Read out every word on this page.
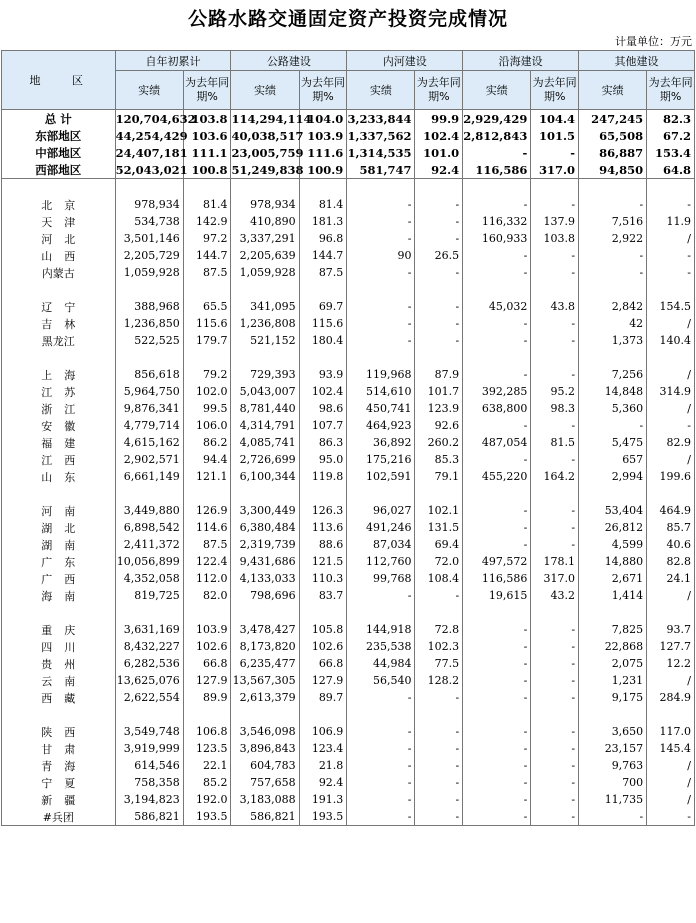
公路水路交通固定资产投资完成情况
计量单位：万元
地 区	自年初累计		公路建设		内河建设		沿海建设		其他建设	
	实绩	为去年同期%	实绩	为去年同期%	实绩	为去年同期%	实绩	为去年同期%	实绩	为去年同期%
总 计	120,704,632	103.8	114,294,114	104.0	3,233,844	99.9	2,929,429	104.4	247,245	82.3
东部地区	44,254,429	103.6	40,038,517	103.9	1,337,562	102.4	2,812,843	101.5	65,508	67.2
中部地区	24,407,181	111.1	23,005,759	111.6	1,314,535	101.0	-	-	86,887	153.4
西部地区	52,043,021	100.8	51,249,838	100.9	581,747	92.4	116,586	317.0	94,850	64.8

北京	978,934	81.4	978,934	81.4	-	-	-	-	-	-
天津	534,738	142.9	410,890	181.3	-	-	116,332	137.9	7,516	11.9
河北	3,501,146	97.2	3,337,291	96.8	-	-	160,933	103.8	2,922	/
山西	2,205,729	144.7	2,205,639	144.7	90	26.5	-	-	-	-
内蒙古	1,059,928	87.5	1,059,928	87.5	-	-	-	-	-	-

辽宁	388,968	65.5	341,095	69.7	-	-	45,032	43.8	2,842	154.5
吉林	1,236,850	115.6	1,236,808	115.6	-	-	-	-	42	/
黑龙江	522,525	179.7	521,152	180.4	-	-	-	-	1,373	140.4

上海	856,618	79.2	729,393	93.9	119,968	87.9	-	-	7,256	/
江苏	5,964,750	102.0	5,043,007	102.4	514,610	101.7	392,285	95.2	14,848	314.9
浙江	9,876,341	99.5	8,781,440	98.6	450,741	123.9	638,800	98.3	5,360	/
安徽	4,779,714	106.0	4,314,791	107.7	464,923	92.6	-	-	-	-
福建	4,615,162	86.2	4,085,741	86.3	36,892	260.2	487,054	81.5	5,475	82.9
江西	2,902,571	94.4	2,726,699	95.0	175,216	85.3	-	-	657	/
山东	6,661,149	121.1	6,100,344	119.8	102,591	79.1	455,220	164.2	2,994	199.6

河南	3,449,880	126.9	3,300,449	126.3	96,027	102.1	-	-	53,404	464.9
湖北	6,898,542	114.6	6,380,484	113.6	491,246	131.5	-	-	26,812	85.7
湖南	2,411,372	87.5	2,319,739	88.6	87,034	69.4	-	-	4,599	40.6
广东	10,056,899	122.4	9,431,686	121.5	112,760	72.0	497,572	178.1	14,880	82.8
广西	4,352,058	112.0	4,133,033	110.3	99,768	108.4	116,586	317.0	2,671	24.1
海南	819,725	82.0	798,696	83.7	-	-	19,615	43.2	1,414	/

重庆	3,631,169	103.9	3,478,427	105.8	144,918	72.8	-	-	7,825	93.7
四川	8,432,227	102.6	8,173,820	102.6	235,538	102.3	-	-	22,868	127.7
贵州	6,282,536	66.8	6,235,477	66.8	44,984	77.5	-	-	2,075	12.2
云南	13,625,076	127.9	13,567,305	127.9	56,540	128.2	-	-	1,231	/
西藏	2,622,554	89.9	2,613,379	89.7	-	-	-	-	9,175	284.9

陕西	3,549,748	106.8	3,546,098	106.9	-	-	-	-	3,650	117.0
甘肃	3,919,999	123.5	3,896,843	123.4	-	-	-	-	23,157	145.4
青海	614,546	22.1	604,783	21.8	-	-	-	-	9,763	/
宁夏	758,358	85.2	757,658	92.4	-	-	-	-	700	/
新疆	3,194,823	192.0	3,183,088	191.3	-	-	-	-	11,735	/
#兵团	586,821	193.5	586,821	193.5	-	-	-	-	-	-
